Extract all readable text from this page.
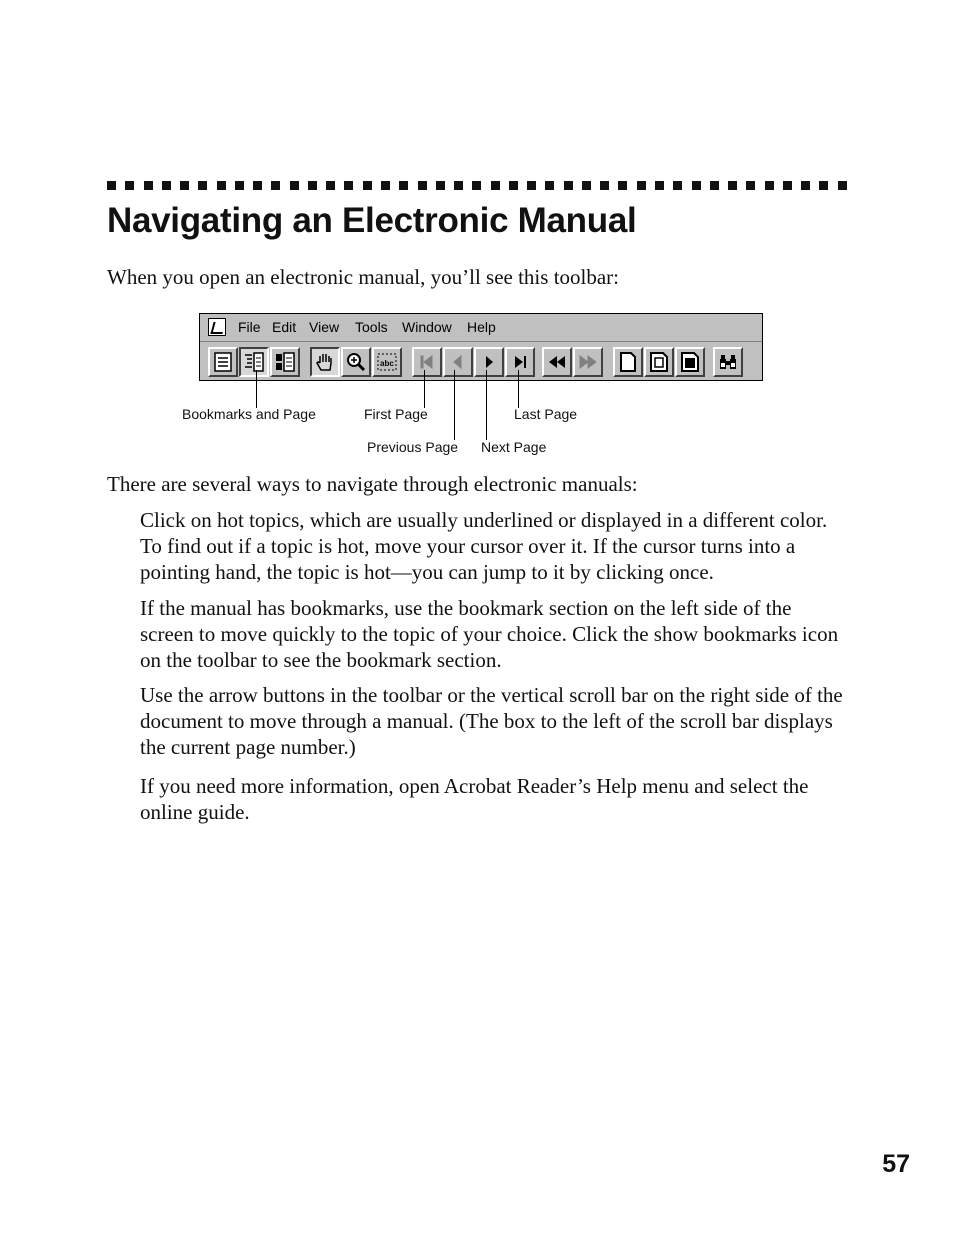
Navigating an Electronic Manual

When you open an electronic manual, you’ll see this toolbar:

File Edit View Tools Window Help
abc
Bookmarks and Page	First Page	Last Page
Previous Page Next Page

There are several ways to navigate through electronic manuals:

Click on hot topics, which are usually underlined or displayed in a different color. To find out if a topic is hot, move your cursor over it. If the cursor turns into a pointing hand, the topic is hot—you can jump to it by clicking once.

If the manual has bookmarks, use the bookmark section on the left side of the screen to move quickly to the topic of your choice. Click the show bookmarks icon on the toolbar to see the bookmark section.

Use the arrow buttons in the toolbar or the vertical scroll bar on the right side of the document to move through a manual. (The box to the left of the scroll bar displays the current page number.)

If you need more information, open Acrobat Reader’s Help menu and select the online guide.

57
